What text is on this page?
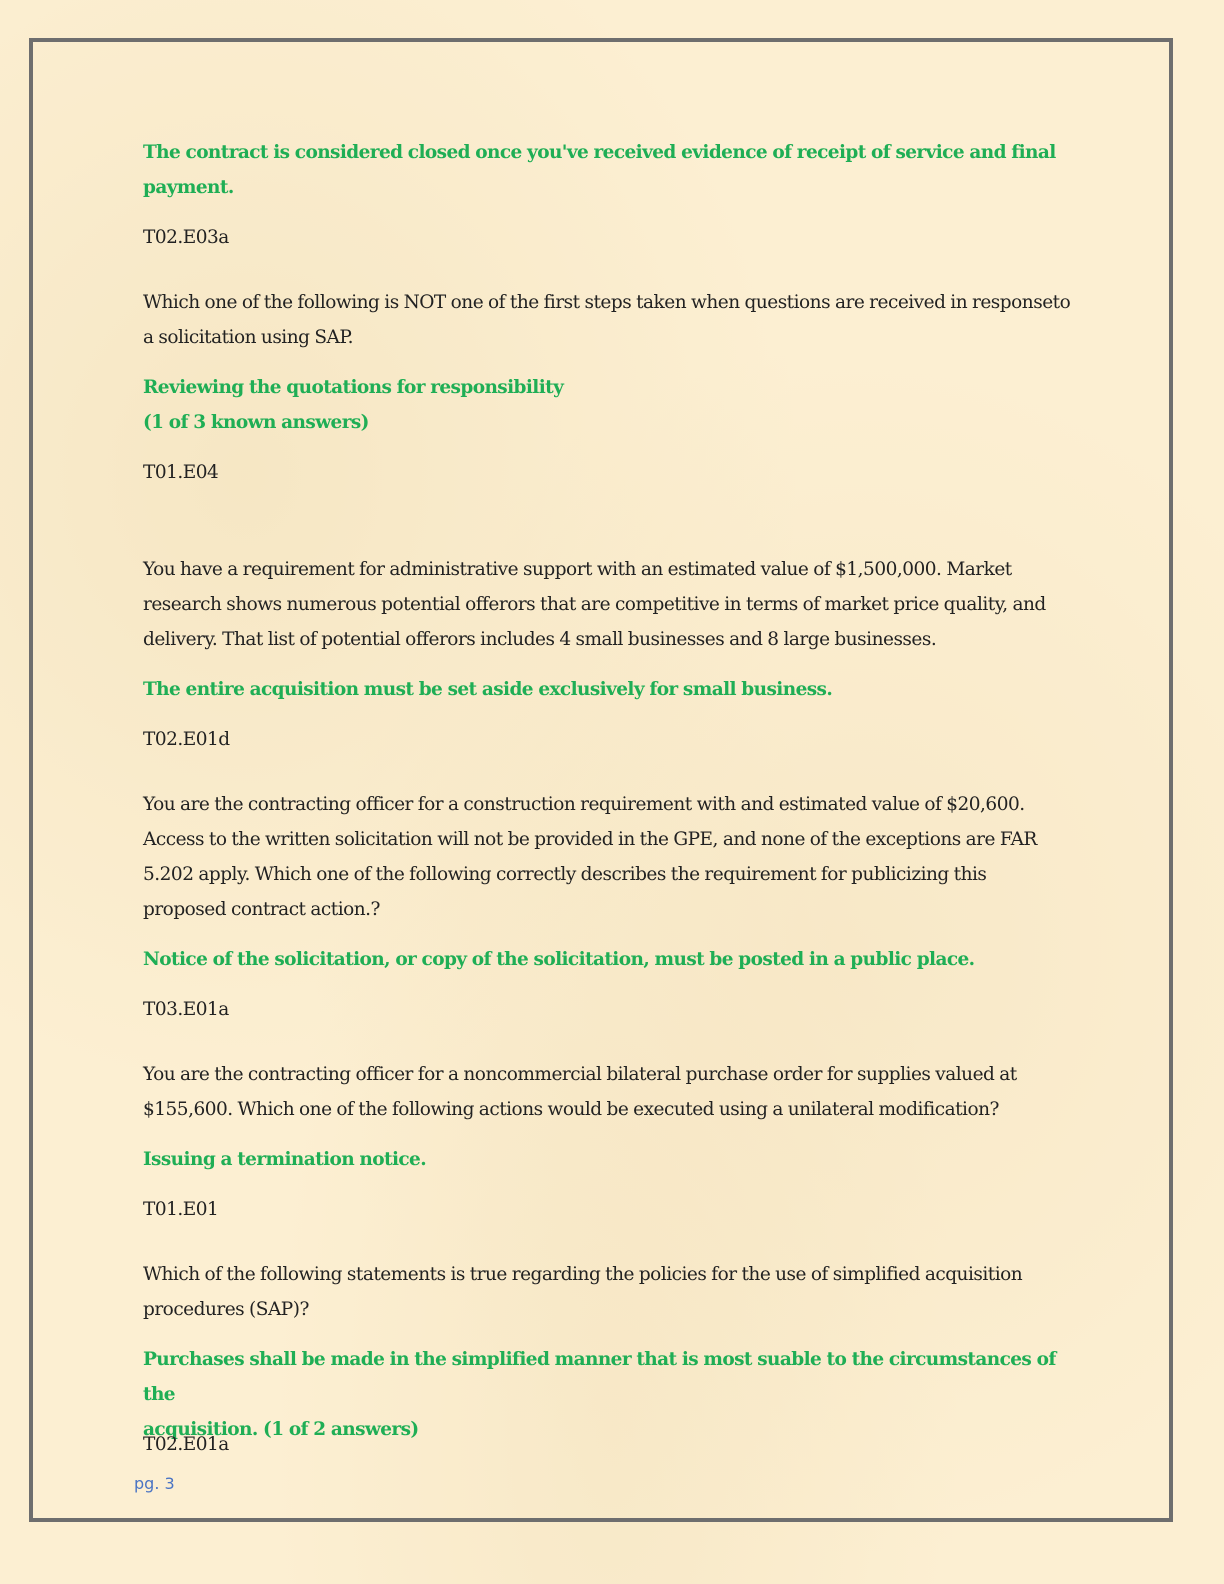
The contract is considered closed once you've received evidence of receipt of service and final
payment.

T02.E03a

Which one of the following is NOT one of the first steps taken when questions are received in responseto
a solicitation using SAP.

Reviewing the quotations for responsibility
(1 of 3 known answers)

T01.E04

You have a requirement for administrative support with an estimated value of $1,500,000. Market
research shows numerous potential offerors that are competitive in terms of market price quality, and
delivery. That list of potential offerors includes 4 small businesses and 8 large businesses.

The entire acquisition must be set aside exclusively for small business.

T02.E01d

You are the contracting officer for a construction requirement with and estimated value of $20,600.
Access to the written solicitation will not be provided in the GPE, and none of the exceptions are FAR
5.202 apply. Which one of the following correctly describes the requirement for publicizing this
proposed contract action.?

Notice of the solicitation, or copy of the solicitation, must be posted in a public place.

T03.E01a

You are the contracting officer for a noncommercial bilateral purchase order for supplies valued at
$155,600. Which one of the following actions would be executed using a unilateral modification?

Issuing a termination notice.

T01.E01

Which of the following statements is true regarding the policies for the use of simplified acquisition
procedures (SAP)?

Purchases shall be made in the simplified manner that is most suable to the circumstances of the
acquisition. (1 of 2 answers)

T02.E01a

pg. 3
